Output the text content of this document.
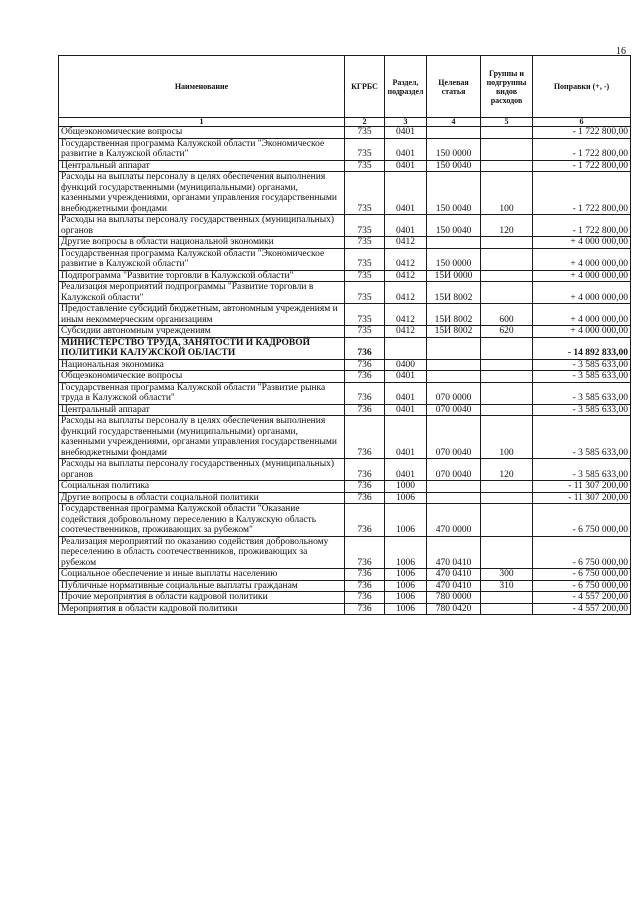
16
Наименование	КГРБС	Раздел, подраздел	Целевая статья	Группы и подгруппы видов расходов	Поправки (+, -)
1	2	3	4	5	6
Общеэкономические вопросы	735	0401			- 1 722 800,00
Государственная программа Калужской области "Экономическое развитие в Калужской области"	735	0401	150 0000		- 1 722 800,00
Центральный аппарат	735	0401	150 0040		- 1 722 800,00
Расходы на выплаты персоналу в целях обеспечения выполнения функций государственными (муниципальными) органами, казенными учреждениями, органами управления государственными внебюджетными фондами	735	0401	150 0040	100	- 1 722 800,00
Расходы на выплаты персоналу государственных (муниципальных) органов	735	0401	150 0040	120	- 1 722 800,00
Другие вопросы в области национальной экономики	735	0412			+ 4 000 000,00
Государственная программа Калужской области "Экономическое развитие в Калужской области"	735	0412	150 0000		+ 4 000 000,00
Подпрограмма "Развитие торговли в Калужской области"	735	0412	15И 0000		+ 4 000 000,00
Реализация мероприятий подпрограммы "Развитие торговли в Калужской области"	735	0412	15И 8002		+ 4 000 000,00
Предоставление субсидий бюджетным, автономным учреждениям и иным некоммерческим организациям	735	0412	15И 8002	600	+ 4 000 000,00
Субсидии автономным учреждениям	735	0412	15И 8002	620	+ 4 000 000,00
МИНИСТЕРСТВО ТРУДА, ЗАНЯТОСТИ И КАДРОВОЙ ПОЛИТИКИ КАЛУЖСКОЙ ОБЛАСТИ	736				- 14 892 833,00
Национальная экономика	736	0400			- 3 585 633,00
Общеэкономические вопросы	736	0401			- 3 585 633,00
Государственная программа Калужской области "Развитие рынка труда в Калужской области"	736	0401	070 0000		- 3 585 633,00
Центральный аппарат	736	0401	070 0040		- 3 585 633,00
Расходы на выплаты персоналу в целях обеспечения выполнения функций государственными (муниципальными) органами, казенными учреждениями, органами управления государственными внебюджетными фондами	736	0401	070 0040	100	- 3 585 633,00
Расходы на выплаты персоналу государственных (муниципальных) органов	736	0401	070 0040	120	- 3 585 633,00
Социальная политика	736	1000			- 11 307 200,00
Другие вопросы в области социальной политики	736	1006			- 11 307 200,00
Государственная программа Калужской области "Оказание содействия добровольному переселению в Калужскую область соотечественников, проживающих за рубежом"	736	1006	470 0000		- 6 750 000,00
Реализация мероприятий по оказанию содействия добровольному переселению в область соотечественников, проживающих за рубежом	736	1006	470 0410		- 6 750 000,00
Социальное обеспечение и иные выплаты населению	736	1006	470 0410	300	- 6 750 000,00
Публичные нормативные социальные выплаты гражданам	736	1006	470 0410	310	- 6 750 000,00
Прочие мероприятия в области кадровой политики	736	1006	780 0000		- 4 557 200,00
Мероприятия в области кадровой политики	736	1006	780 0420		- 4 557 200,00
